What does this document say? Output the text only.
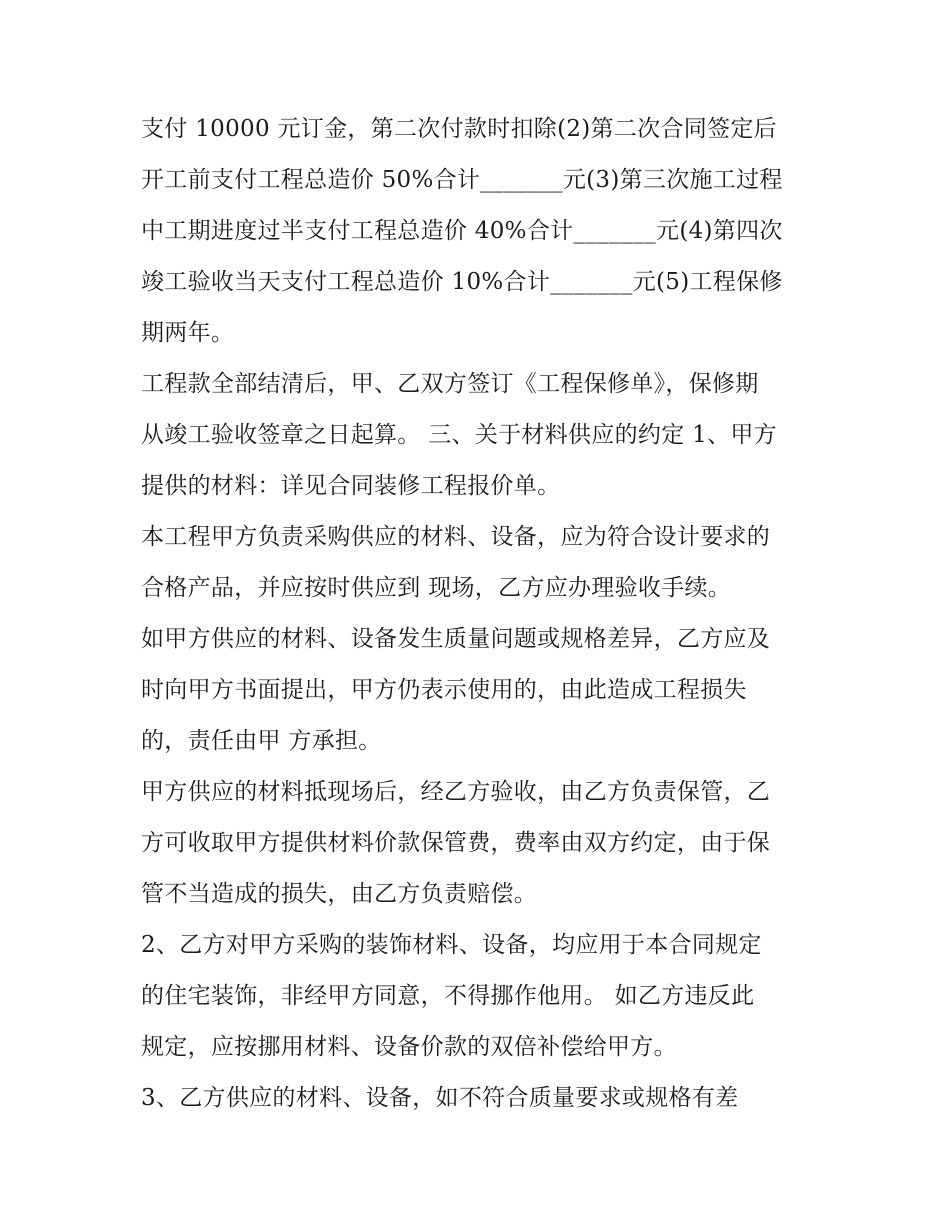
支付 10000 元订金，第二次付款时扣除(2)第二次合同签定后
开工前支付工程总造价 50%合计_______元(3)第三次施工过程
中工期进度过半支付工程总造价 40%合计_______元(4)第四次
竣工验收当天支付工程总造价 10%合计_______元(5)工程保修
期两年。
工程款全部结清后，甲、乙双方签订《工程保修单》，保修期
从竣工验收签章之日起算。 三、关于材料供应的约定 1、甲方
提供的材料：详见合同装修工程报价单。
本工程甲方负责采购供应的材料、设备，应为符合设计要求的
合格产品，并应按时供应到 现场，乙方应办理验收手续。
如甲方供应的材料、设备发生质量问题或规格差异，乙方应及
时向甲方书面提出，甲方仍表示使用的，由此造成工程损失
的，责任由甲 方承担。
甲方供应的材料抵现场后，经乙方验收，由乙方负责保管，乙
方可收取甲方提供材料价款保管费，费率由双方约定，由于保
管不当造成的损失，由乙方负责赔偿。
2、乙方对甲方采购的装饰材料、设备，均应用于本合同规定
的住宅装饰，非经甲方同意，不得挪作他用。 如乙方违反此
规定，应按挪用材料、设备价款的双倍补偿给甲方。
3、乙方供应的材料、设备，如不符合质量要求或规格有差
